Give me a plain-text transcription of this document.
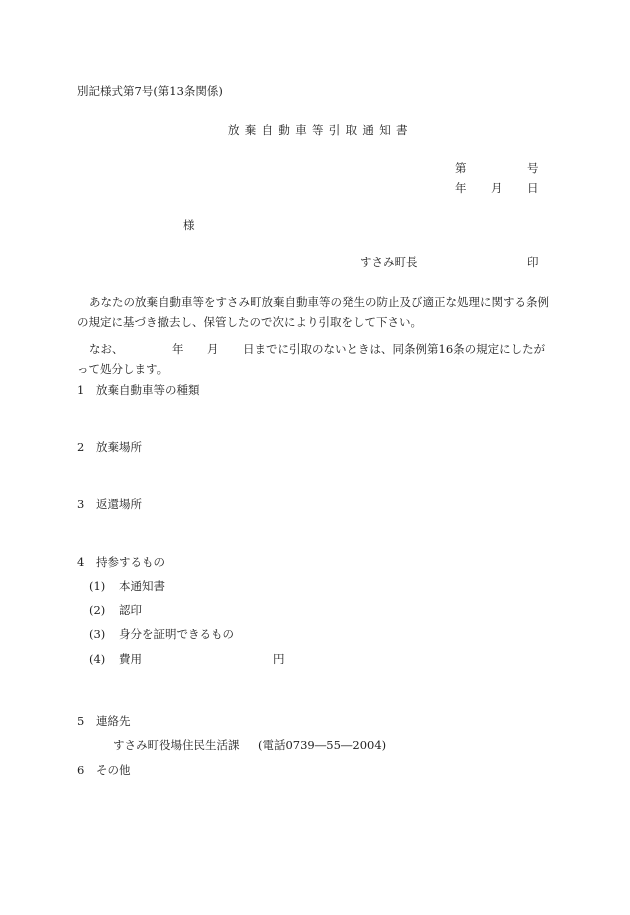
別記様式第7号(第13条関係)
放棄自動車等引取通知書
第	号
年 月 日
様
すさみ町長	印
あなたの放棄自動車等をすさみ町放棄自動車等の発生の防止及び適正な処理に関する条例の規定に基づき撤去し、保管したので次により引取をして下さい。
なお、	年 月 日までに引取のないときは、同条例第16条の規定にしたが
って処分します。
1 放棄自動車等の種類
2 放棄場所
3 返還場所
4 持参するもの
(1) 本通知書
(2) 認印
(3) 身分を証明できるもの
(4) 費用	円
5 連絡先
すさみ町役場住民生活課 (電話0739―55―2004)
6 その他
